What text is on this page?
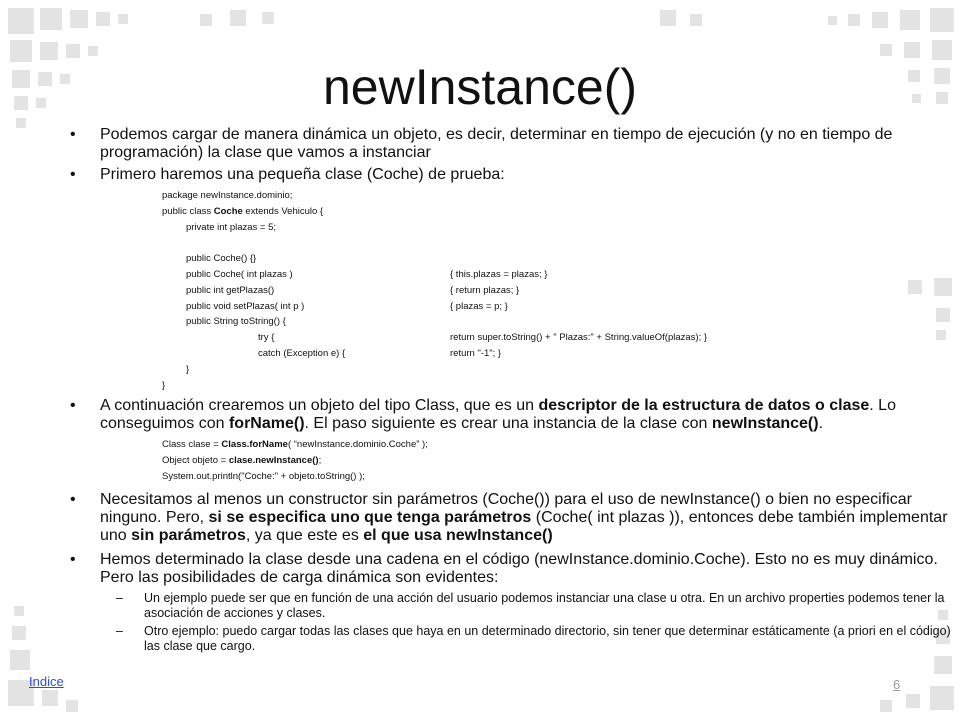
newInstance()
• Podemos cargar de manera dinámica un objeto, es decir, determinar en tiempo de ejecución (y no en tiempo de programación) la clase que vamos a instanciar
• Primero haremos una pequeña clase (Coche) de prueba:
package newInstance.dominio;
public class Coche extends Vehiculo {
private int plazas = 5;
public Coche() {}
public Coche( int plazas )	{ this.plazas = plazas; }
public int getPlazas()	{ return plazas; }
public void setPlazas( int p )	{ plazas = p; }
public String toString() {
try {	return super.toString() + " Plazas:" + String.valueOf(plazas); }
catch (Exception e) {	return "-1"; }
}
}
• A continuación crearemos un objeto del tipo Class, que es un descriptor de la estructura de datos o clase. Lo conseguimos con forName(). El paso siguiente es crear una instancia de la clase con newInstance().
Class clase = Class.forName( “newInstance.dominio.Coche” );
Object objeto = clase.newInstance();
System.out.println("Coche:" + objeto.toString() );
• Necesitamos al menos un constructor sin parámetros (Coche()) para el uso de newInstance() o bien no especificar ninguno. Pero, si se especifica uno que tenga parámetros (Coche( int plazas )), entonces debe también implementar uno sin parámetros, ya que este es el que usa newInstance()
• Hemos determinado la clase desde una cadena en el código (newInstance.dominio.Coche). Esto no es muy dinámico. Pero las posibilidades de carga dinámica son evidentes:
– Un ejemplo puede ser que en función de una acción del usuario podemos instanciar una clase u otra. En un archivo properties podemos tener la asociación de acciones y clases.
– Otro ejemplo: puedo cargar todas las clases que haya en un determinado directorio, sin tener que determinar estáticamente (a priori en el código) las clase que cargo.
Indice	6
